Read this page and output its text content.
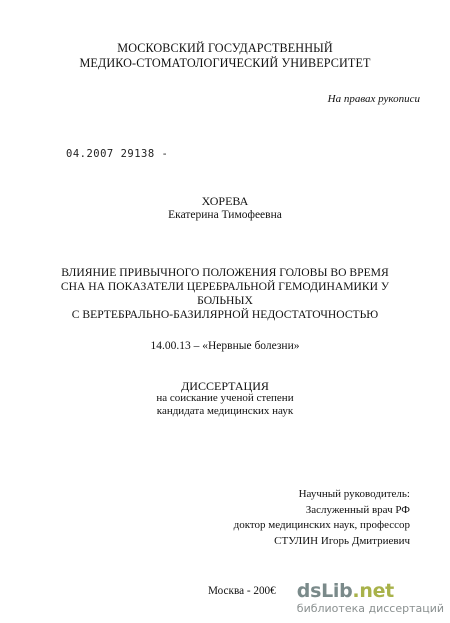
МОСКОВСКИЙ ГОСУДАРСТВЕННЫЙ
МЕДИКО-СТОМАТОЛОГИЧЕСКИЙ УНИВЕРСИТЕТ
На правах рукописи
04.2007 29138 -
ХОРЕВА
Екатерина Тимофеевна
ВЛИЯНИЕ ПРИВЫЧНОГО ПОЛОЖЕНИЯ ГОЛОВЫ ВО ВРЕМЯ
СНА НА ПОКАЗАТЕЛИ ЦЕРЕБРАЛЬНОЙ ГЕМОДИНАМИКИ У
БОЛЬНЫХ
С ВЕРТЕБРАЛЬНО-БАЗИЛЯРНОЙ НЕДОСТАТОЧНОСТЬЮ
14.00.13 – «Нервные болезни»
ДИССЕРТАЦИЯ
на соискание ученой степени
кандидата медицинских наук
Научный руководитель:
Заслуженный врач РФ
доктор медицинских наук, профессор
СТУЛИН Игорь Дмитриевич
Москва - 200€ dsLib.net
библиотека диссертаций
